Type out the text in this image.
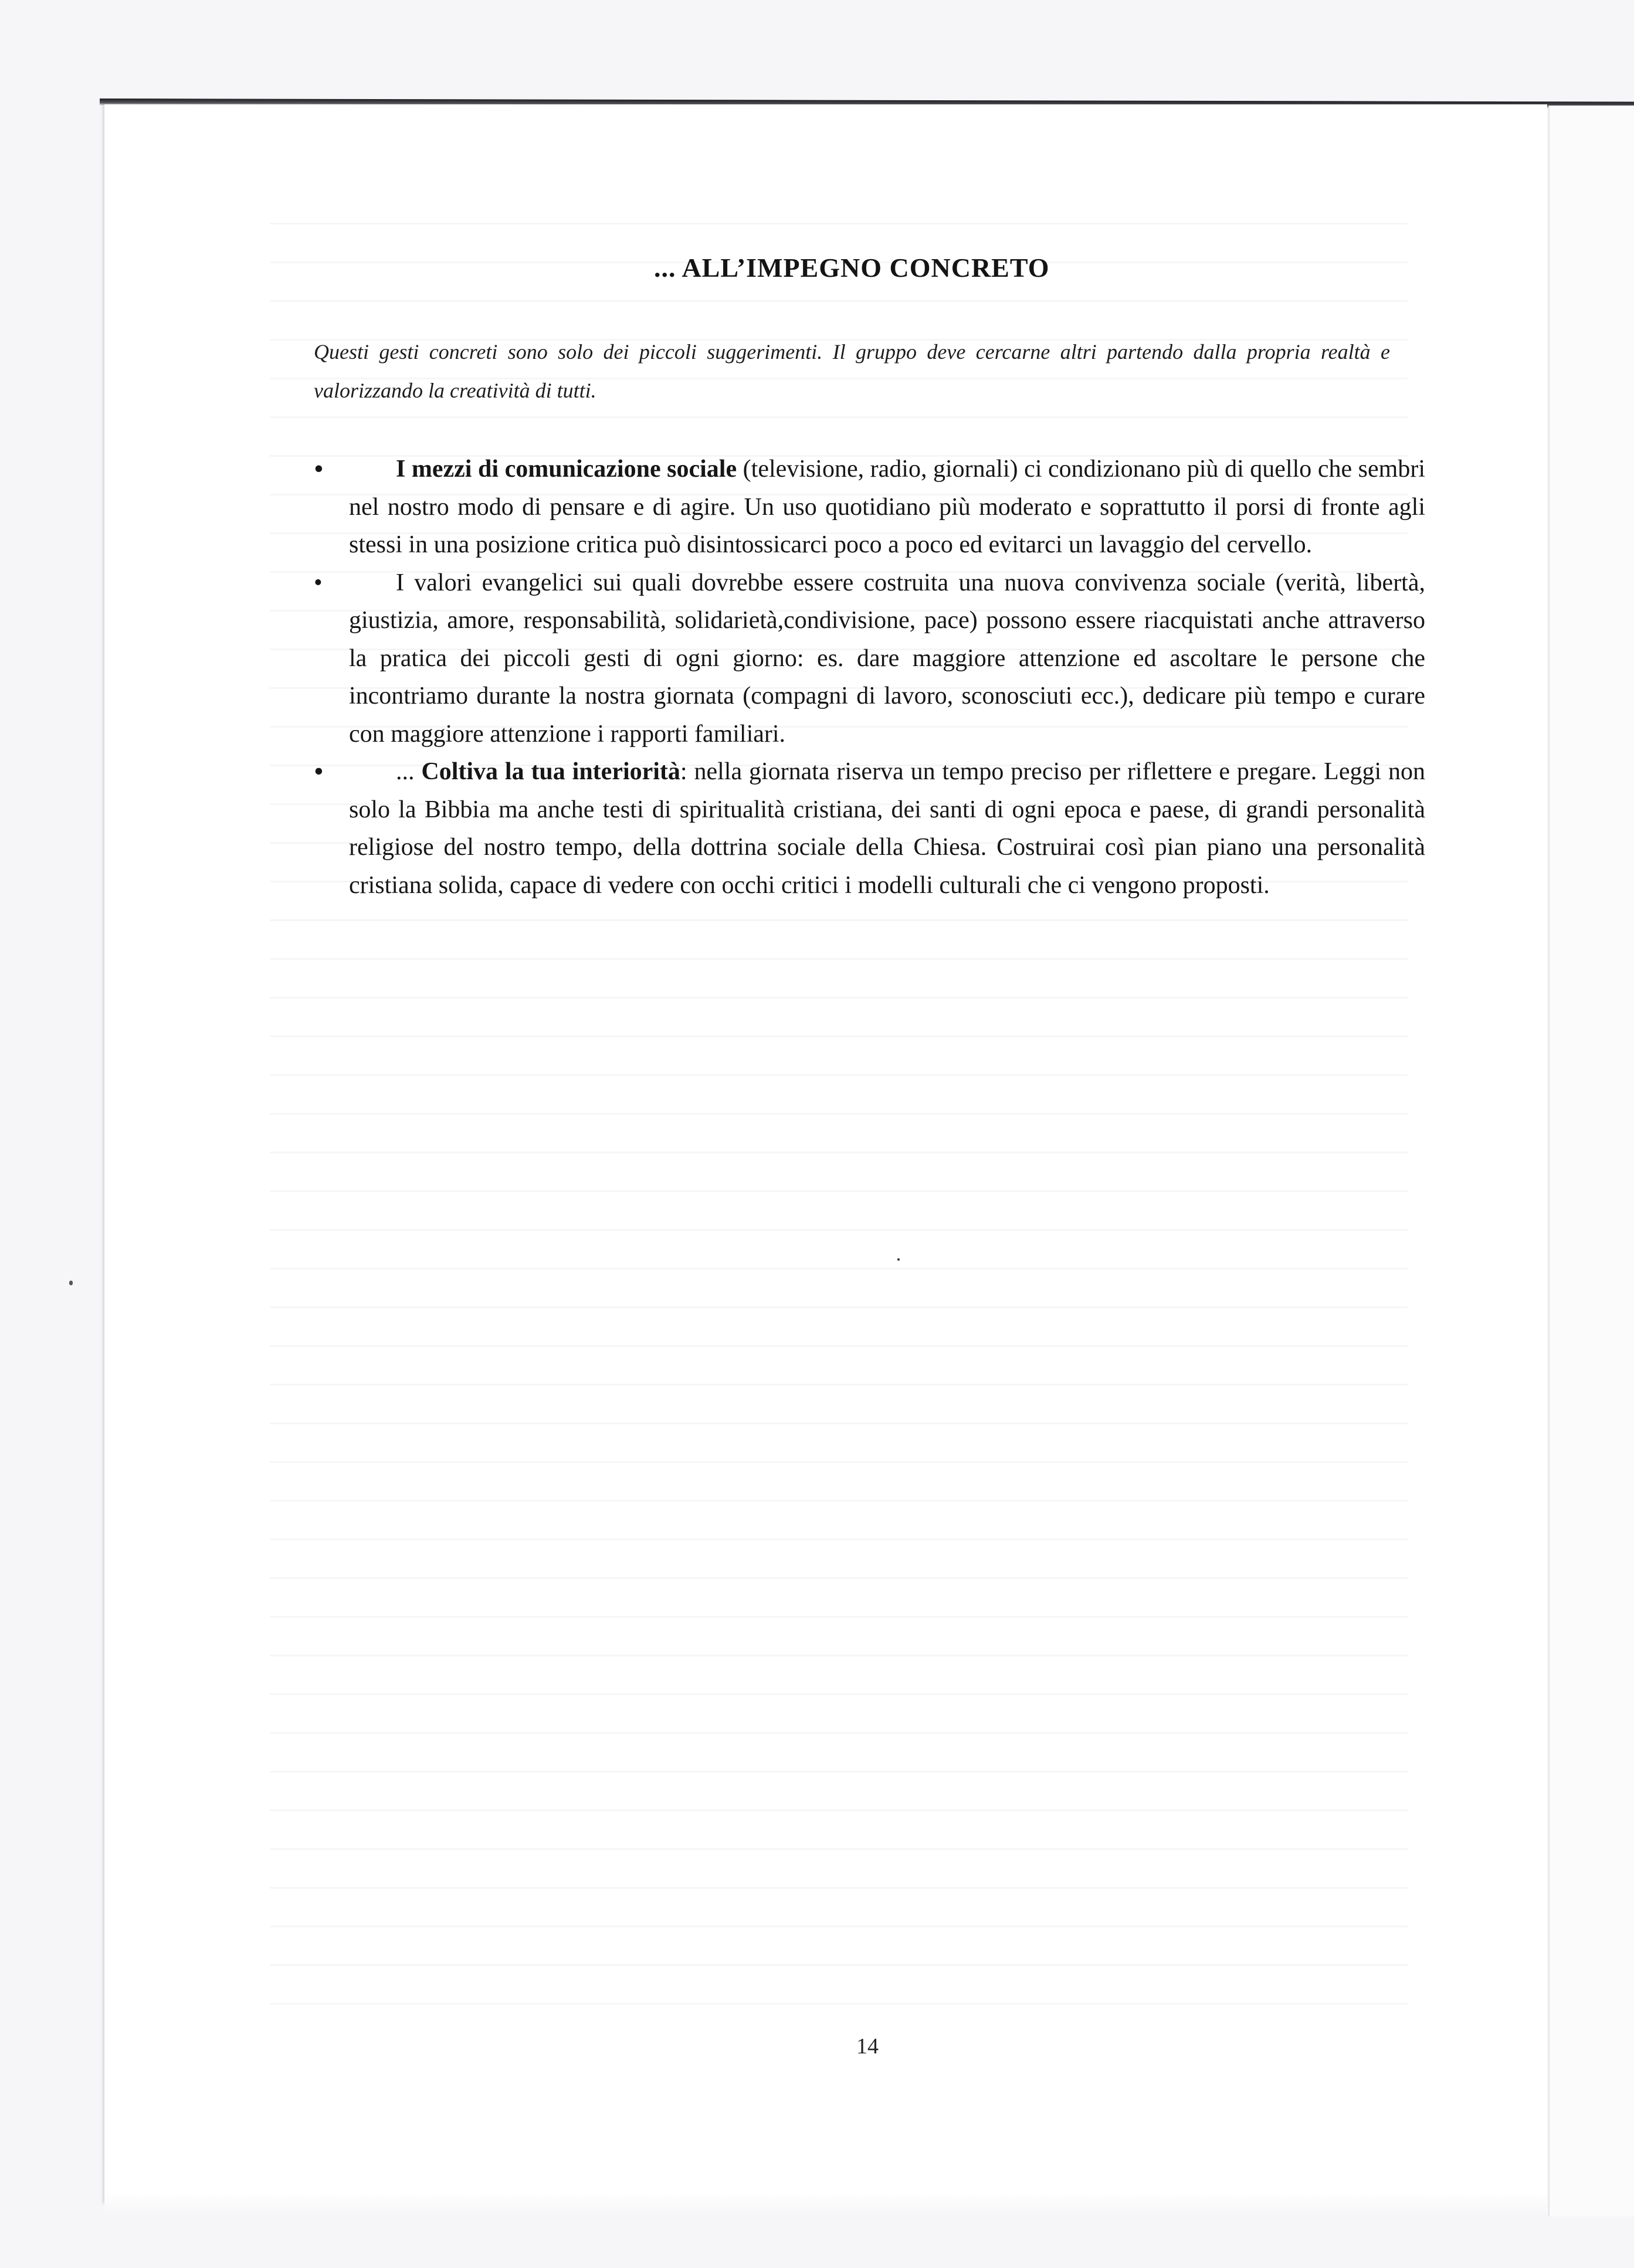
... ALL’IMPEGNO CONCRETO
Questi gesti concreti sono solo dei piccoli suggerimenti. Il gruppo deve cercarne altri partendo dalla propria realtà e valorizzando la creatività di tutti.
•	I mezzi di comunicazione sociale (televisione, radio, giornali) ci condizionano più di quello che sembri nel nostro modo di pensare e di agire. Un uso quotidiano più moderato e soprattutto il porsi di fronte agli stessi in una posizione critica può disintossicarci poco a poco ed evitarci un lavaggio del cervello.
•	I valori evangelici sui quali dovrebbe essere costruita una nuova convivenza sociale (verità, libertà, giustizia, amore, responsabilità, solidarietà,condivisione, pace) possono essere riacquistati anche attraverso la pratica dei piccoli gesti di ogni giorno: es. dare maggiore attenzione ed ascoltare le persone che incontriamo durante la nostra giornata (compagni di lavoro, sconosciuti ecc.), dedicare più tempo e curare con maggiore attenzione i rapporti familiari.
•	... Coltiva la tua interiorità: nella giornata riserva un tempo preciso per riflettere e pregare. Leggi non solo la Bibbia ma anche testi di spiritualità cristiana, dei santi di ogni epoca e paese, di grandi personalità religiose del nostro tempo, della dottrina sociale della Chiesa. Costruirai così pian piano una personalità cristiana solida, capace di vedere con occhi critici i modelli culturali che ci vengono proposti.
14
